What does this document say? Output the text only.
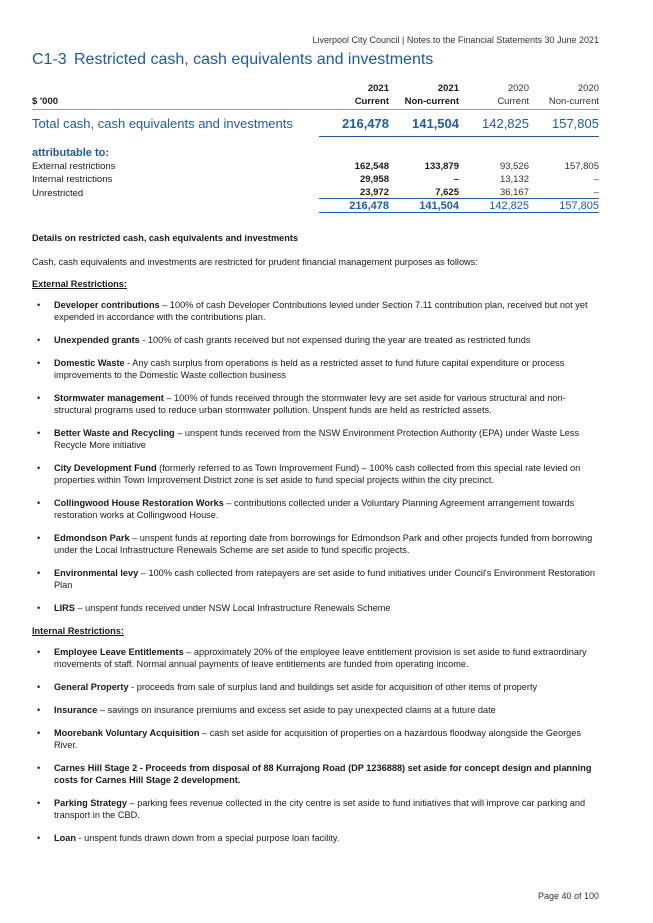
Liverpool City Council | Notes to the Financial Statements 30 June 2021
C1-3 Restricted cash, cash equivalents and investments
	2021	2021	2020	2020
$ '000	Current	Non-current	Current	Non-current
Total cash, cash equivalents and investments	216,478	141,504	142,825	157,805

attributable to:				
External restrictions	162,548	133,879	93,526	157,805
Internal restrictions	29,958	–	13,132	–
Unrestricted	23,972	7,625	36,167	–
	216,478	141,504	142,825	157,805
Details on restricted cash, cash equivalents and investments
Cash, cash equivalents and investments are restricted for prudent financial management purposes as follows:
External Restrictions:
• Developer contributions – 100% of cash Developer Contributions levied under Section 7.11 contribution plan, received but not yet expended in accordance with the contributions plan.
• Unexpended grants - 100% of cash grants received but not expensed during the year are treated as restricted funds
• Domestic Waste - Any cash surplus from operations is held as a restricted asset to fund future capital expenditure or process improvements to the Domestic Waste collection business
• Stormwater management – 100% of funds received through the stormwater levy are set aside for various structural and non-structural programs used to reduce urban stormwater pollution. Unspent funds are held as restricted assets.
• Better Waste and Recycling – unspent funds received from the NSW Environment Protection Authority (EPA) under Waste Less Recycle More initiative
• City Development Fund (formerly referred to as Town Improvement Fund) – 100% cash collected from this special rate levied on properties within Town Improvement District zone is set aside to fund special projects within the city precinct.
• Collingwood House Restoration Works – contributions collected under a Voluntary Planning Agreement arrangement towards restoration works at Collingwood House.
• Edmondson Park – unspent funds at reporting date from borrowings for Edmondson Park and other projects funded from borrowing under the Local Infrastructure Renewals Scheme are set aside to fund specific projects.
• Environmental levy – 100% cash collected from ratepayers are set aside to fund initiatives under Council's Environment Restoration Plan
• LIRS – unspent funds received under NSW Local Infrastructure Renewals Scheme
Internal Restrictions:
• Employee Leave Entitlements – approximately 20% of the employee leave entitlement provision is set aside to fund extraordinary movements of staff. Normal annual payments of leave entitlements are funded from operating income.
• General Property - proceeds from sale of surplus land and buildings set aside for acquisition of other items of property
• Insurance – savings on insurance premiums and excess set aside to pay unexpected claims at a future date
• Moorebank Voluntary Acquisition – cash set aside for acquisition of properties on a hazardous floodway alongside the Georges River.
• Carnes Hill Stage 2 - Proceeds from disposal of 88 Kurrajong Road (DP 1236888) set aside for concept design and planning costs for Carnes Hill Stage 2 development.
• Parking Strategy – parking fees revenue collected in the city centre is set aside to fund initiatives that will improve car parking and transport in the CBD.
• Loan - unspent funds drawn down from a special purpose loan facility.
Page 40 of 100
